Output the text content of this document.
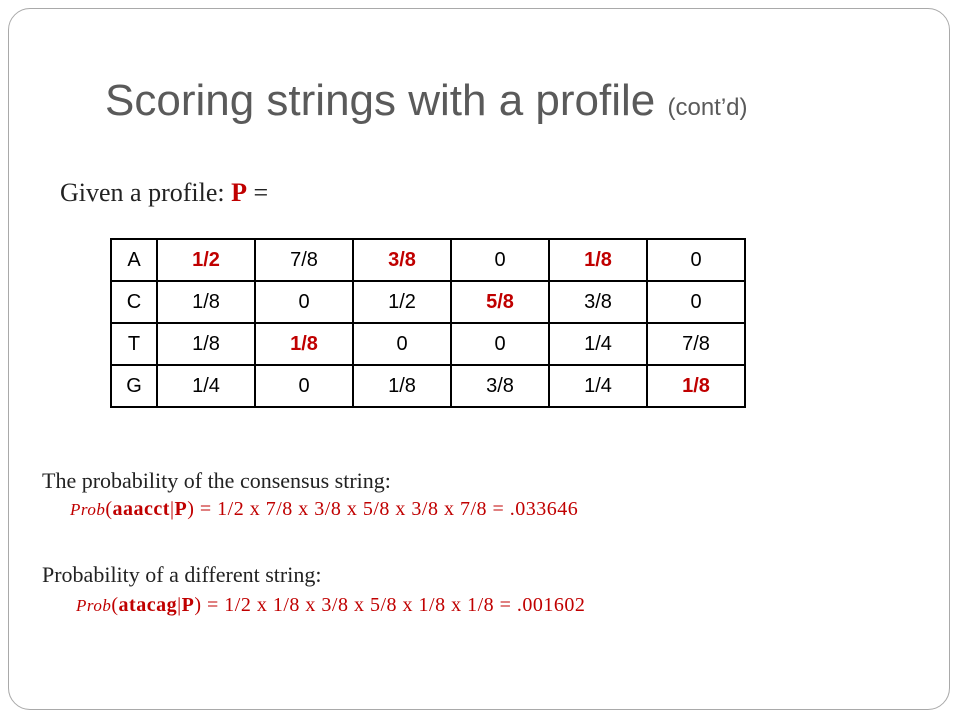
Scoring strings with a profile (cont’d)
Given a profile: P =
A	1/2	7/8	3/8	0	1/8	0
C	1/8	0	1/2	5/8	3/8	0
T	1/8	1/8	0	0	1/4	7/8
G	1/4	0	1/8	3/8	1/4	1/8
The probability of the consensus string:
Prob(aaacct|P) = 1/2 x 7/8 x 3/8 x 5/8 x 3/8 x 7/8 = .033646
Probability of a different string:
Prob(atacag|P) = 1/2 x 1/8 x 3/8 x 5/8 x 1/8 x 1/8 = .001602
